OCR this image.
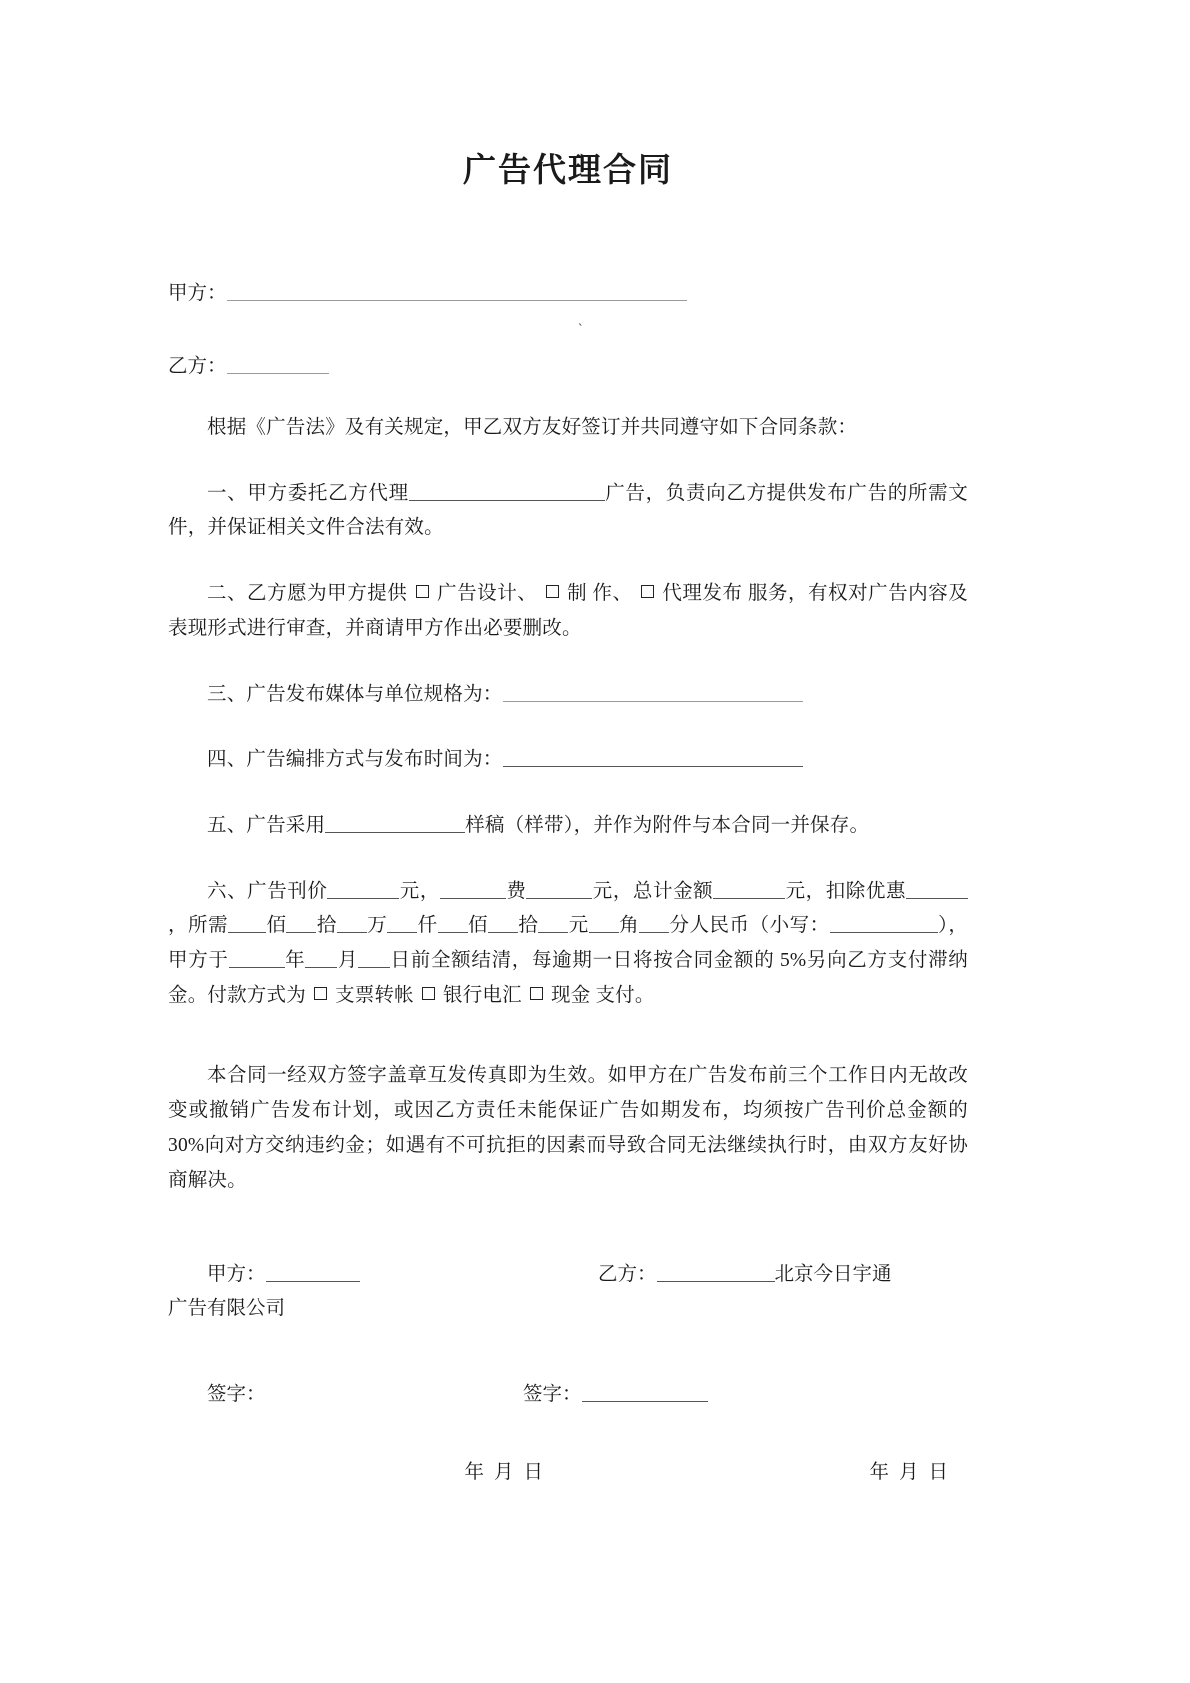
广告代理合同
甲方：
乙方：

根据《广告法》及有关规定，甲乙双方友好签订并共同遵守如下合同条款：

一、甲方委托乙方代理	广告，负责向乙方提供发布广告的所需文件，并保证相关文件合法有效。

二、乙方愿为甲方提供 广告设计、 制 作、 代理发布 服务，有权对广告内容及表现形式进行审查，并商请甲方作出必要删改。

三、广告发布媒体与单位规格为：

四、广告编排方式与发布时间为：

五、广告采用	样稿（样带），并作为附件与本合同一并保存。

六、广告刊价	元，	费	元，总计金额	元，扣除优惠，所需 佰 拾 万 仟 佰 拾 元 角 分人民币（小写：	），甲方于	年 月 日前全额结清，每逾期一日将按合同金额的 5%另向乙方支付滞纳金。付款方式为 支票转帐 银行电汇 现金 支付。

本合同一经双方签字盖章互发传真即为生效。如甲方在广告发布前三个工作日内无故改变或撤销广告发布计划，或因乙方责任未能保证广告如期发布，均须按广告刊价总金额的 30%向对方交纳违约金；如遇有不可抗拒的因素而导致合同无法继续执行时，由双方友好协商解决。

甲方：	乙方：	北京今日宇通
广告有限公司
签字：	签字：
年月日	年月日
`
